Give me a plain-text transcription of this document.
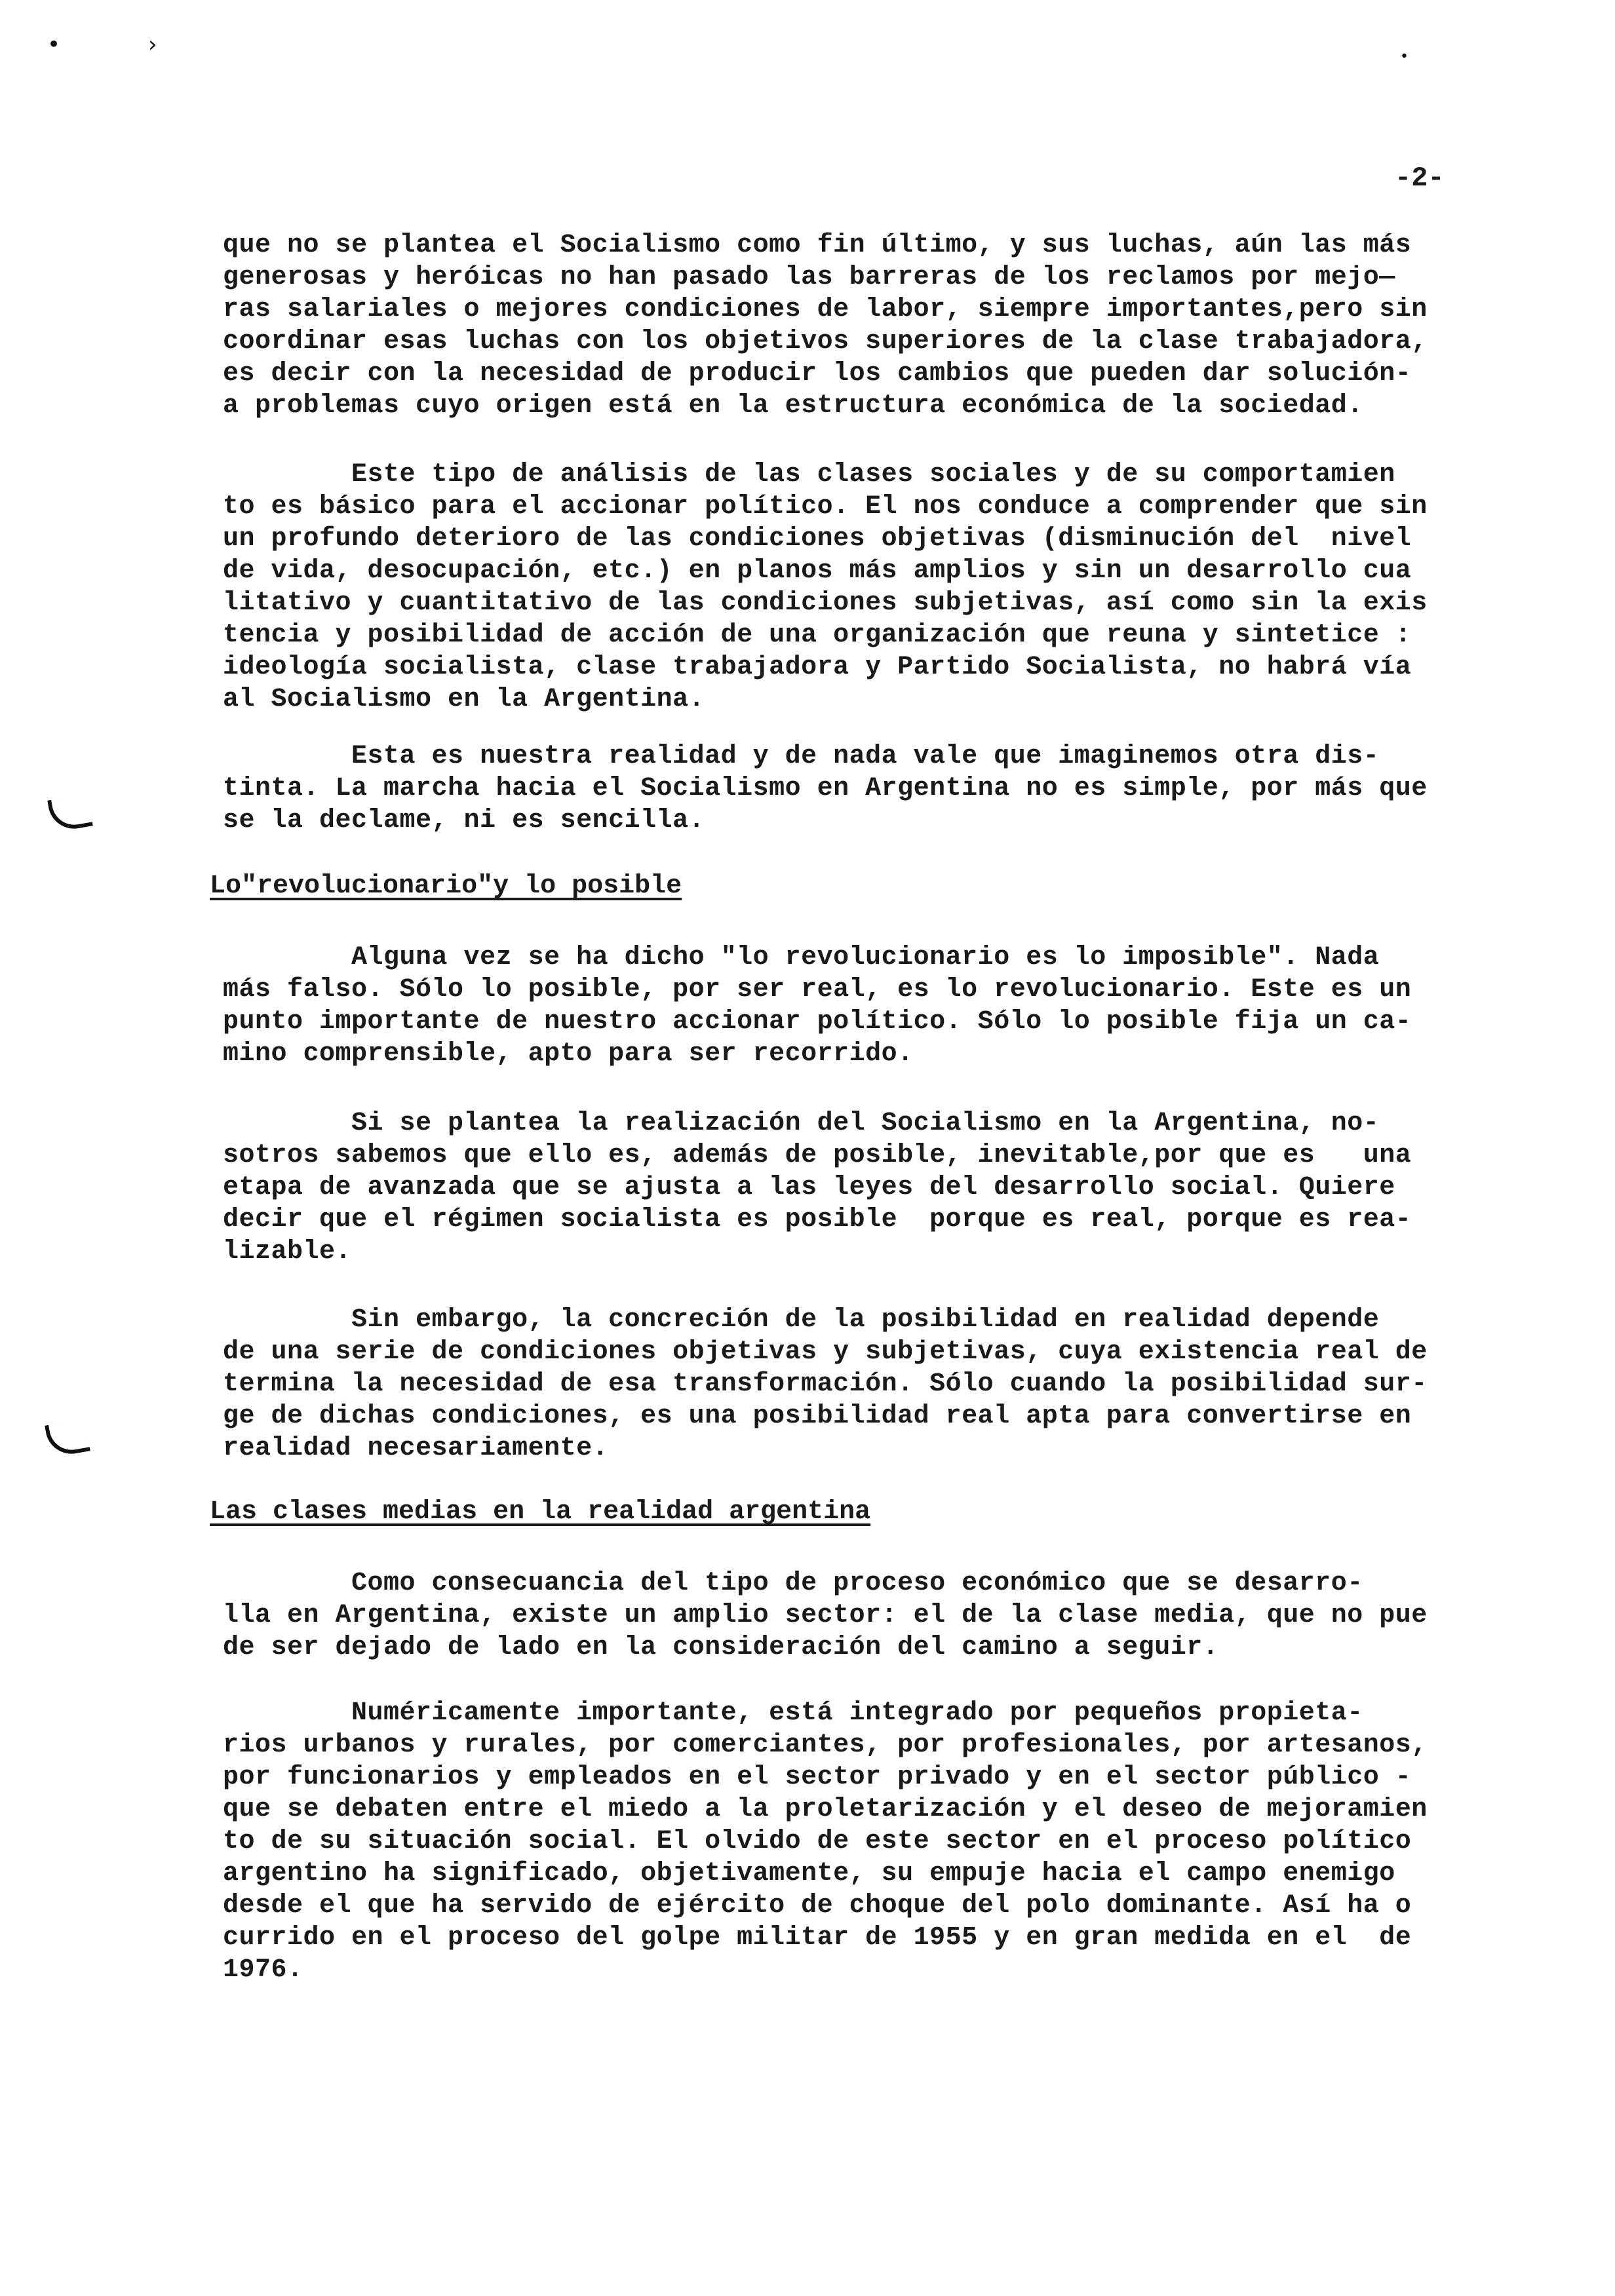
•	›	•
-2-
que no se plantea el Socialismo como fin último, y sus luchas, aún las más
generosas y heróicas no han pasado las barreras de los reclamos por mejo—
ras salariales o mejores condiciones de labor, siempre importantes,pero sin
coordinar esas luchas con los objetivos superiores de la clase trabajadora,
es decir con la necesidad de producir los cambios que pueden dar solución-
a problemas cuyo origen está en la estructura económica de la sociedad.
Este tipo de análisis de las clases sociales y de su comportamien
to es básico para el accionar político. El nos conduce a comprender que sin
un profundo deterioro de las condiciones objetivas (disminución del  nivel
de vida, desocupación, etc.) en planos más amplios y sin un desarrollo cua
litativo y cuantitativo de las condiciones subjetivas, así como sin la exis
tencia y posibilidad de acción de una organización que reuna y sintetice :
ideología socialista, clase trabajadora y Partido Socialista, no habrá vía
al Socialismo en la Argentina.
Esta es nuestra realidad y de nada vale que imaginemos otra dis-
tinta. La marcha hacia el Socialismo en Argentina no es simple, por más que
se la declame, ni es sencilla.
Lo"revolucionario"y lo posible
Alguna vez se ha dicho "lo revolucionario es lo imposible". Nada
más falso. Sólo lo posible, por ser real, es lo revolucionario. Este es un
punto importante de nuestro accionar político. Sólo lo posible fija un ca-
mino comprensible, apto para ser recorrido.
Si se plantea la realización del Socialismo en la Argentina, no-
sotros sabemos que ello es, además de posible, inevitable,por que es   una
etapa de avanzada que se ajusta a las leyes del desarrollo social. Quiere
decir que el régimen socialista es posible  porque es real, porque es rea-
lizable.
Sin embargo, la concreción de la posibilidad en realidad depende
de una serie de condiciones objetivas y subjetivas, cuya existencia real de
termina la necesidad de esa transformación. Sólo cuando la posibilidad sur-
ge de dichas condiciones, es una posibilidad real apta para convertirse en
realidad necesariamente.
Las clases medias en la realidad argentina
Como consecuancia del tipo de proceso económico que se desarro-
lla en Argentina, existe un amplio sector: el de la clase media, que no pue
de ser dejado de lado en la consideración del camino a seguir.
Numéricamente importante, está integrado por pequeños propieta-
rios urbanos y rurales, por comerciantes, por profesionales, por artesanos,
por funcionarios y empleados en el sector privado y en el sector público -
que se debaten entre el miedo a la proletarización y el deseo de mejoramien
to de su situación social. El olvido de este sector en el proceso político
argentino ha significado, objetivamente, su empuje hacia el campo enemigo
desde el que ha servido de ejército de choque del polo dominante. Así ha o
currido en el proceso del golpe militar de 1955 y en gran medida en el  de
1976.
